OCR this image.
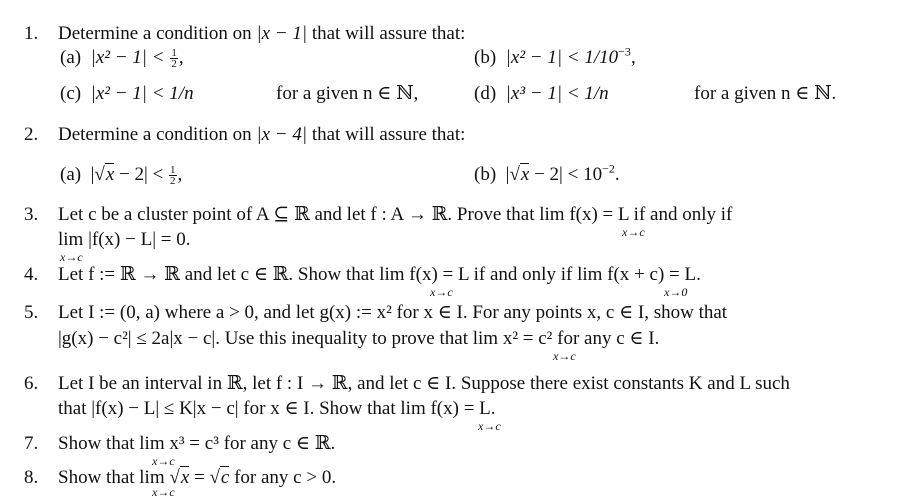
1. Determine a condition on |x − 1| that will assure that:
(a) $|x^2 - 1| < \frac{1}{2}$ ,	(b) $|x^2 - 1| < 1/10^{-3}$,
(c) |x² − 1| < 1/n	for a given n ∈ ℕ,	(d) |x³ − 1| < 1/n	for a given n ∈ ℕ.
2. Determine a condition on |x − 4| that will assure that:
(a) $|√x - 2| < \frac{1}{2}$ ,	(b) $|√x - 2| < 10^{-2}$.
3. Let c be a cluster point of A ⊆ ℝ and let f : A → ℝ. Prove that lim f(x) = L if and only if
x→c
lim |f(x) − L| = 0.
x→c
4. Let f := ℝ → ℝ and let c ∈ ℝ. Show that lim f(x) = L if and only if lim f(x + c) = L.
x→c	x→0
5. Let I := (0, a) where a > 0, and let g(x) := x² for x ∈ I. For any points x, c ∈ I, show that
|g(x) − c²| ≤ 2a|x − c|. Use this inequality to prove that lim x² = c² for any c ∈ I.
x→c
6. Let I be an interval in ℝ, let f : I → ℝ, and let c ∈ I. Suppose there exist constants K and L such
that |f(x) − L| ≤ K|x − c| for x ∈ I. Show that lim f(x) = L.
x→c
7. Show that lim x³ = c³ for any c ∈ ℝ.
x→c
8. Show that lim √x = √c for any c > 0.
x→c
